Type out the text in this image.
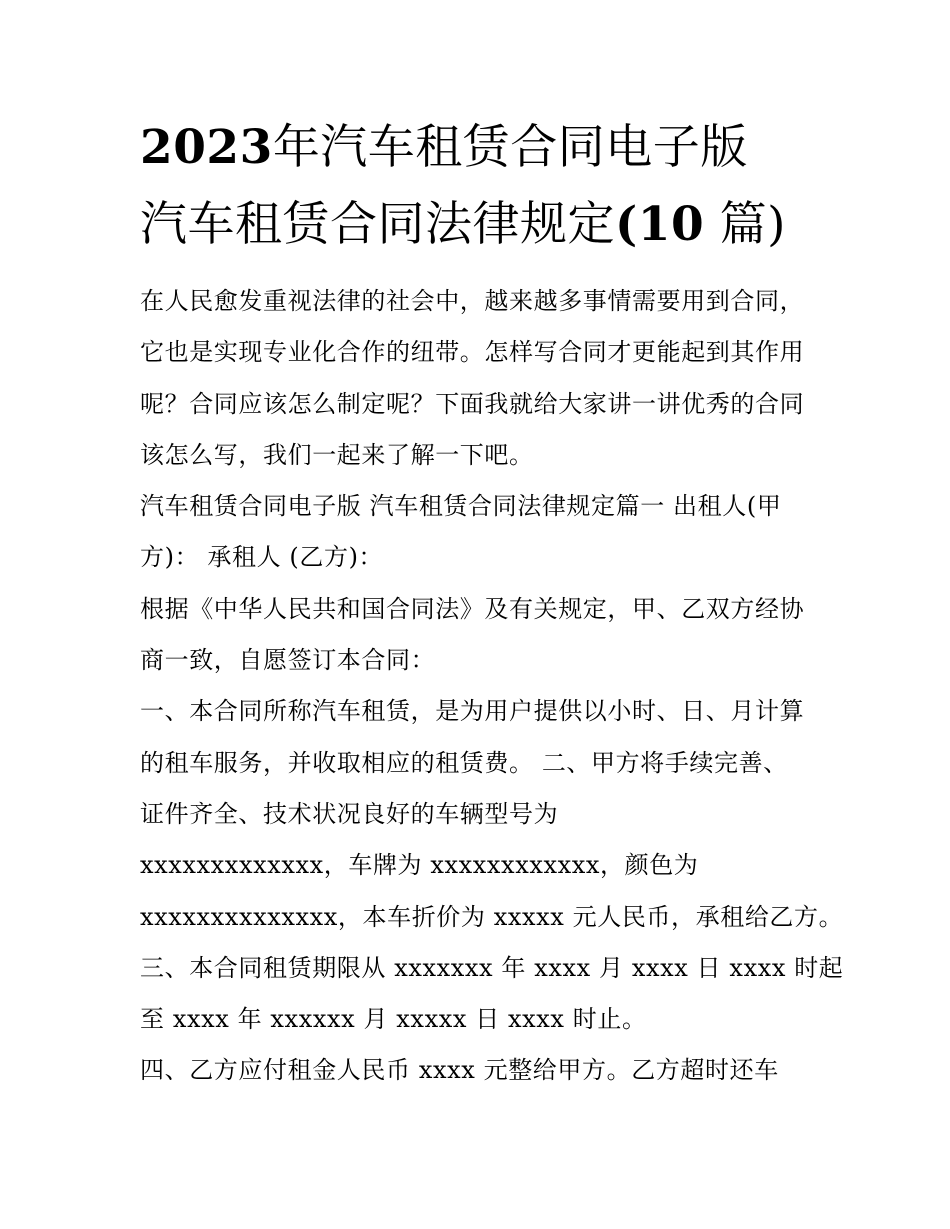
2023年汽车租赁合同电子版
汽车租赁合同法律规定(10 篇)
在人民愈发重视法律的社会中，越来越多事情需要用到合同，
它也是实现专业化合作的纽带。怎样写合同才更能起到其作用
呢？合同应该怎么制定呢？下面我就给大家讲一讲优秀的合同
该怎么写，我们一起来了解一下吧。
汽车租赁合同电子版 汽车租赁合同法律规定篇一 出租人(甲
方)： 承租人 (乙方)：
根据《中华人民共和国合同法》及有关规定，甲、乙双方经协
商一致，自愿签订本合同：
一、本合同所称汽车租赁，是为用户提供以小时、日、月计算
的租车服务，并收取相应的租赁费。 二、甲方将手续完善、
证件齐全、技术状况良好的车辆型号为
xxxxxxxxxxxxx，车牌为 xxxxxxxxxxxx，颜色为
xxxxxxxxxxxxxx，本车折价为 xxxxx 元人民币，承租给乙方。
三、本合同租赁期限从 xxxxxxx 年 xxxx 月 xxxx 日 xxxx 时起
至 xxxx 年 xxxxxx 月 xxxxx 日 xxxx 时止。
四、乙方应付租金人民币 xxxx 元整给甲方。乙方超时还车
